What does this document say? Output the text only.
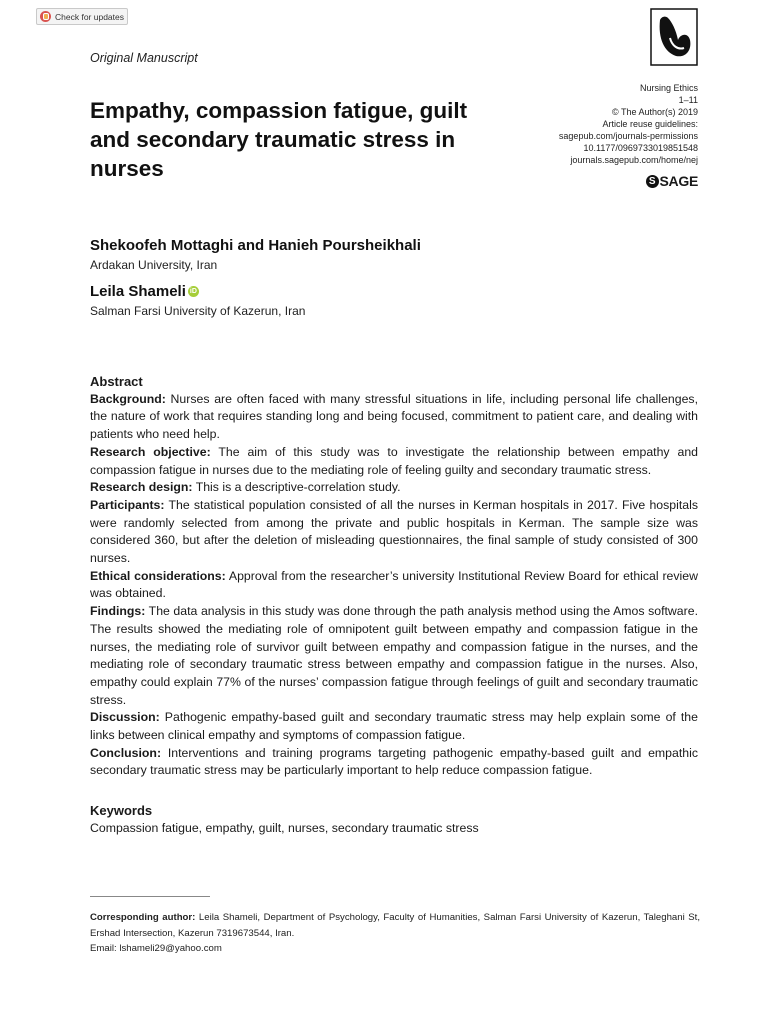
Check for updates
Original Manuscript
Nursing Ethics
1–11
© The Author(s) 2019
Article reuse guidelines:
sagepub.com/journals-permissions
10.1177/0969733019851548
journals.sagepub.com/home/nej
S SAGE
Empathy, compassion fatigue, guilt and secondary traumatic stress in nurses
Shekoofeh Mottaghi and Hanieh Poursheikhali
Ardakan University, Iran
Leila Shameli iD
Salman Farsi University of Kazerun, Iran

Abstract

Background: Nurses are often faced with many stressful situations in life, including personal life challenges, the nature of work that requires standing long and being focused, commitment to patient care, and dealing with patients who need help.

Research objective: The aim of this study was to investigate the relationship between empathy and compassion fatigue in nurses due to the mediating role of feeling guilty and secondary traumatic stress.

Research design: This is a descriptive-correlation study.

Participants: The statistical population consisted of all the nurses in Kerman hospitals in 2017. Five hospitals were randomly selected from among the private and public hospitals in Kerman. The sample size was considered 360, but after the deletion of misleading questionnaires, the final sample of study consisted of 300 nurses.

Ethical considerations: Approval from the researcher’s university Institutional Review Board for ethical review was obtained.

Findings: The data analysis in this study was done through the path analysis method using the Amos software. The results showed the mediating role of omnipotent guilt between empathy and compassion fatigue in the nurses, the mediating role of survivor guilt between empathy and compassion fatigue in the nurses, and the mediating role of secondary traumatic stress between empathy and compassion fatigue in the nurses. Also, empathy could explain 77% of the nurses’ compassion fatigue through feelings of guilt and secondary traumatic stress.

Discussion: Pathogenic empathy-based guilt and secondary traumatic stress may help explain some of the links between clinical empathy and symptoms of compassion fatigue.

Conclusion: Interventions and training programs targeting pathogenic empathy-based guilt and empathic secondary traumatic stress may be particularly important to help reduce compassion fatigue.

Keywords
Compassion fatigue, empathy, guilt, nurses, secondary traumatic stress

Corresponding author: Leila Shameli, Department of Psychology, Faculty of Humanities, Salman Farsi University of Kazerun, Taleghani St, Ershad Intersection, Kazerun 7319673544, Iran.

Email: lshameli29@yahoo.com
